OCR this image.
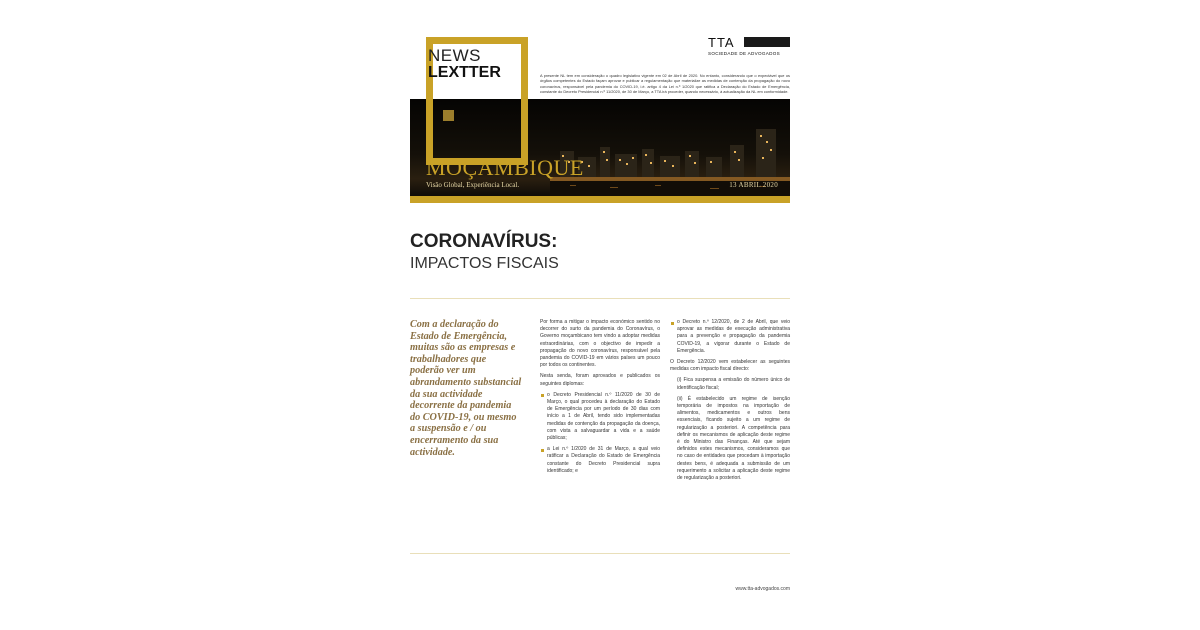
NEWS
LEXTTER
TTA
SOCIEDADE DE ADVOGADOS
A presente NL tem em consideração o quadro legislativo vigente em 02 de Abril de 2020. No entanto, considerando que o expectável que os órgãos competentes do Estado façam aprovar e publicar a regulamentação que materialize as medidas de contenção da propagação do novo coronavírus, responsável pela pandemia do COVID-19, i.é. artigo 4 da Lei n.º 1/2020 que ratifica a Declaração do Estado de Emergência, constante do Decreto Presidencial n.º 11/2020, de 30 de Março, a TTA irá proceder, quando necessário, à actualização da NL em conformidade.
MOÇAMBIQUE
Visão Global, Experiência Local.	13 ABRIL 2020
CORONAVÍRUS:
IMPACTOS FISCAIS
Com a declaração do Estado de Emergência, muitas são as empresas e trabalhadores que poderão ver um abrandamento substancial da sua actividade decorrente da pandemia do COVID-19, ou mesmo a suspensão e / ou encerramento da sua actividade.

Por forma a mitigar o impacto económico sentido no decorrer do surto da pandemia do Coronavírus, o Governo moçambicano tem vindo a adoptar medidas extraordinárias, com o objectivo de impedir a propagação do novo coronavírus, responsável pela pandemia do COVID-19 em vários países um pouco por todos os continentes.

Nesta senda, foram aprovados e publicados os seguintes diplomas:

o Decreto Presidencial n.º 11/2020 de 30 de Março, o qual procedeu à declaração do Estado de Emergência por um período de 30 dias com início a 1 de Abril, tendo sido implementadas medidas de contenção da propagação da doença, com vista a salvaguardar a vida e a saúde públicas;

a Lei n.º 1/2020 de 31 de Março, a qual veio ratificar a Declaração do Estado de Emergência constante do Decreto Presidencial supra identificado; e

o Decreto n.º 12/2020, de 2 de Abril, que veio aprovar as medidas de execução administrativa para a prevenção e propagação da pandemia COVID-19, a vigorar durante o Estado de Emergência.

O Decreto 12/2020 vem estabelecer as seguintes medidas com impacto fiscal directo:

(i) Fica suspensa a emissão do número único de identificação fiscal;

(ii) É estabelecido um regime de isenção temporária de impostos na importação de alimentos, medicamentos e outros bens essenciais, ficando sujeito a um regime de regularização a posteriori. A competência para definir os mecanismos de aplicação deste regime é do Ministro das Finanças. Até que sejam definidos estes mecanismos, consideramos que no caso de entidades que procedam à importação destes bens, é adequada a submissão de um requerimento a solicitar a aplicação deste regime de regularização a posteriori.

www.tta-advogados.com
